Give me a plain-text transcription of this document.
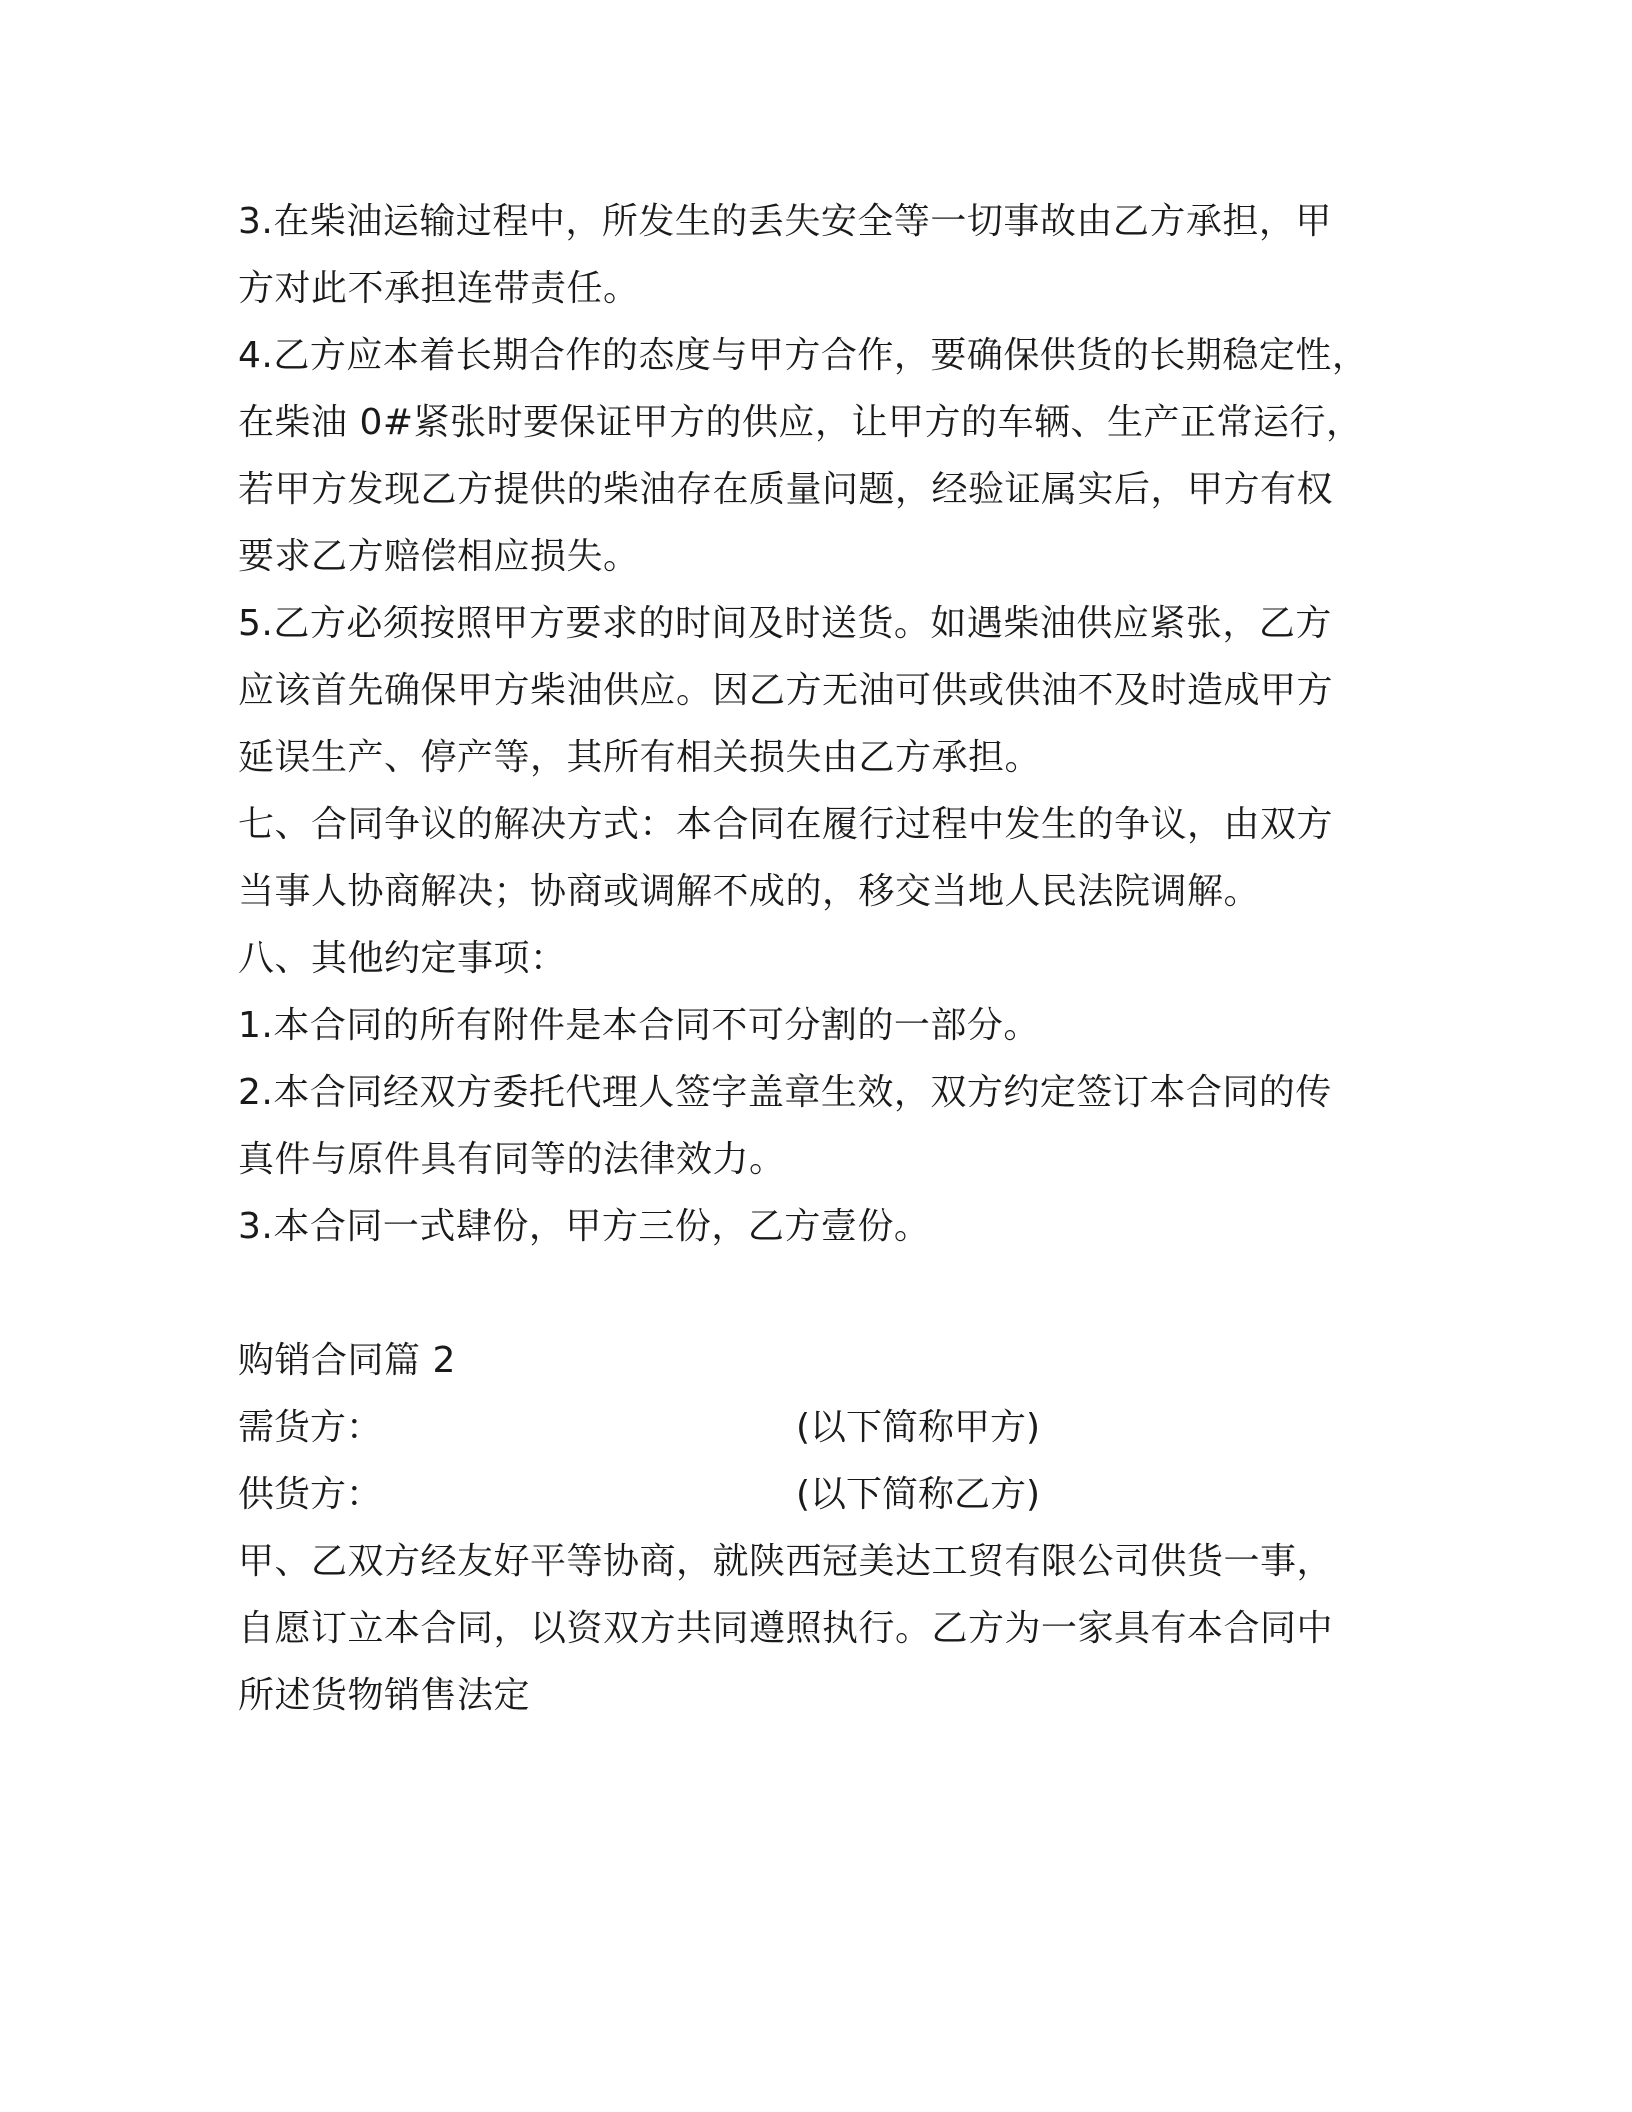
3.在柴油运输过程中，所发生的丢失安全等一切事故由乙方承担，甲
方对此不承担连带责任。
4.乙方应本着长期合作的态度与甲方合作，要确保供货的长期稳定性，
在柴油 0#紧张时要保证甲方的供应，让甲方的车辆、生产正常运行，
若甲方发现乙方提供的柴油存在质量问题，经验证属实后，甲方有权
要求乙方赔偿相应损失。
5.乙方必须按照甲方要求的时间及时送货。如遇柴油供应紧张，乙方
应该首先确保甲方柴油供应。因乙方无油可供或供油不及时造成甲方
延误生产、停产等，其所有相关损失由乙方承担。
七、合同争议的解决方式：本合同在履行过程中发生的争议，由双方
当事人协商解决；协商或调解不成的，移交当地人民法院调解。
八、其他约定事项：
1.本合同的所有附件是本合同不可分割的一部分。
2.本合同经双方委托代理人签字盖章生效，双方约定签订本合同的传
真件与原件具有同等的法律效力。
3.本合同一式肆份，甲方三份，乙方壹份。
购销合同篇 2
需货方：	(以下简称甲方)
供货方：	(以下简称乙方)
甲、乙双方经友好平等协商，就陕西冠美达工贸有限公司供货一事，
自愿订立本合同，以资双方共同遵照执行。乙方为一家具有本合同中
所述货物销售法定
